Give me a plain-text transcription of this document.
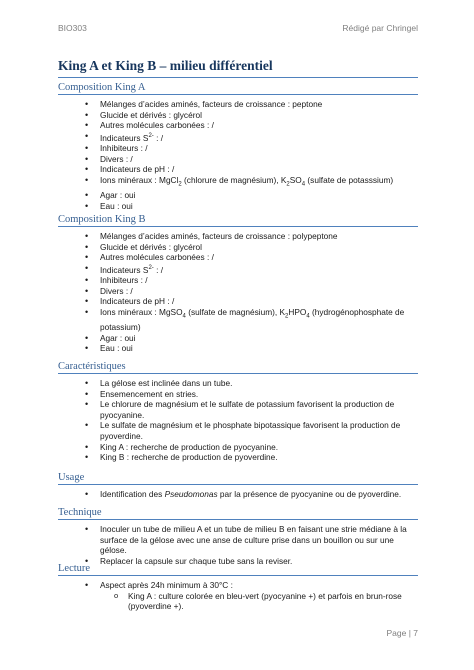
BIO303	Rédigé par Chringel
King A et King B – milieu différentiel
Composition King A
• Mélanges d’acides aminés, facteurs de croissance : peptone
• Glucide et dérivés : glycérol
• Autres molécules carbonées : /
• Indicateurs $S^{2-}$ : /
• Inhibiteurs : /
• Divers : /
• Indicateurs de pH : /
• Ions minéraux : MgCl$_2$ (chlorure de magnésium), $K_2SO_4$ (sulfate de potasssium)
• Agar : oui
• Eau : oui
Composition King B
• Mélanges d’acides aminés, facteurs de croissance : polypeptone
• Glucide et dérivés : glycérol
• Autres molécules carbonées : /
• Indicateurs $S^{2-}$ : /
• Inhibiteurs : /
• Divers : /
• Indicateurs de pH : /
• Ions minéraux : MgSO$_4$ (sulfate de magnésium), $K_2HPO_4$ (hydrogénophosphate de
potassium)
• Agar : oui
• Eau : oui
Caractéristiques
• La gélose est inclinée dans un tube.
• Ensemencement en stries.
• Le chlorure de magnésium et le sulfate de potassium favorisent la production de pyocyanine.
• Le sulfate de magnésium et le phosphate bipotassique favorisent la production de pyoverdine.
• King A : recherche de production de pyocyanine.
• King B : recherche de production de pyoverdine.
Usage
• Identification des Pseudomonas par la présence de pyocyanine ou de pyoverdine.
Technique
• Inoculer un tube de milieu A et un tube de milieu B en faisant une strie médiane à la surface de la gélose avec une anse de culture prise dans un bouillon ou sur une gélose.
• Replacer la capsule sur chaque tube sans la reviser.
Lecture
• Aspect après 24h minimum à 30°C :
o King A : culture colorée en bleu-vert (pyocyanine +) et parfois en brun-rose (pyoverdine +).
Page | 7
